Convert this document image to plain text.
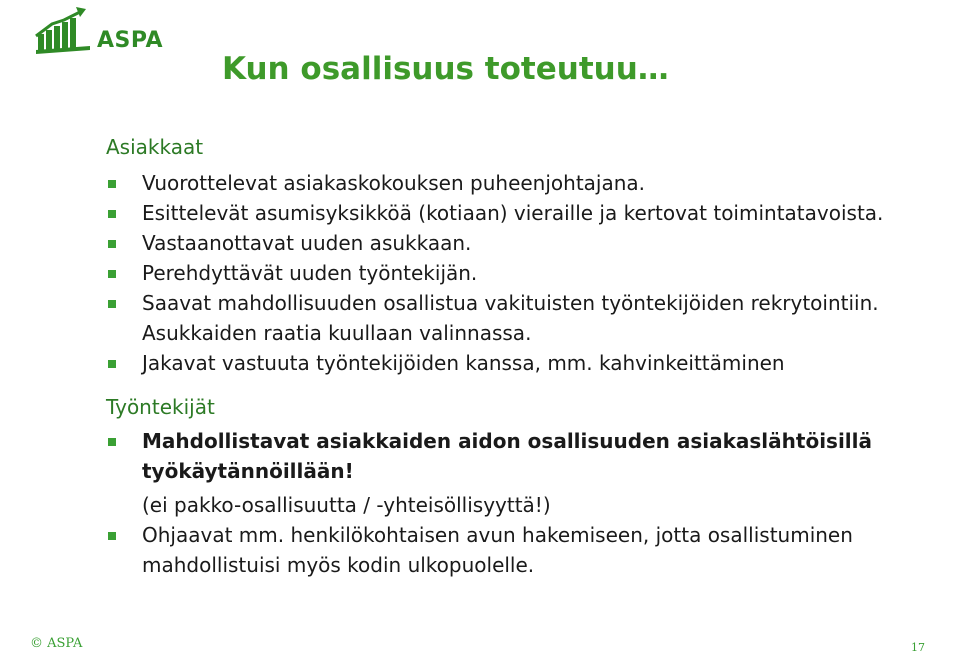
ASPA
Kun osallisuus toteutuu…
Asiakkaat
Vuorottelevat asiakaskokouksen puheenjohtajana.
Esittelevät asumisyksikköä (kotiaan) vieraille ja kertovat toimintatavoista.
Vastaanottavat uuden asukkaan.
Perehdyttävät uuden työntekijän.
Saavat mahdollisuuden osallistua vakituisten työntekijöiden rekrytointiin. Asukkaiden raatia kuullaan valinnassa.
Jakavat vastuuta työntekijöiden kanssa, mm. kahvinkeittäminen
Työntekijät
Mahdollistavat asiakkaiden aidon osallisuuden asiakaslähtöisillä työkäytännöillään!
(ei pakko-osallisuutta / -yhteisöllisyyttä!)
Ohjaavat mm. henkilökohtaisen avun hakemiseen, jotta osallistuminen mahdollistuisi myös kodin ulkopuolelle.
© ASPA	17
